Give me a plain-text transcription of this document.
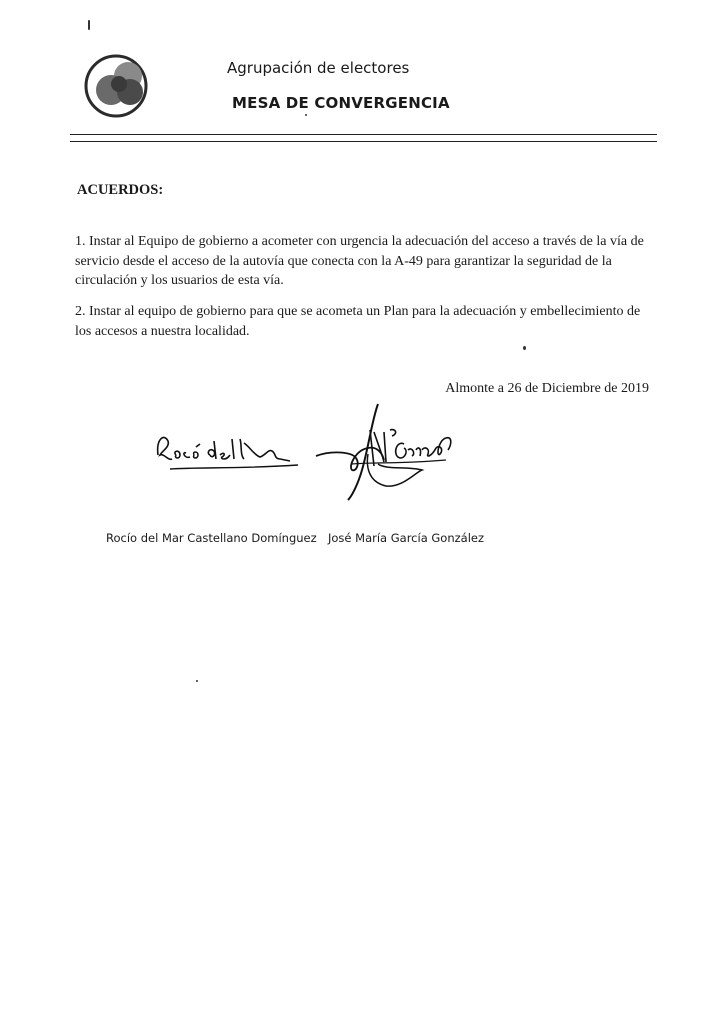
Agrupación de electores
MESA DE CONVERGENCIA
ACUERDOS:
1. Instar al Equipo de gobierno a acometer con urgencia la adecuación del acceso a través de la vía de servicio desde el acceso de la autovía que conecta con la A-49 para garantizar la seguridad de la circulación y los usuarios de esta vía.
2. Instar al equipo de gobierno para que se acometa un Plan para la adecuación y embellecimiento de los accesos a nuestra localidad.
Almonte a 26 de Diciembre de 2019
Rocío del Mar Castellano Domínguez José María García González
